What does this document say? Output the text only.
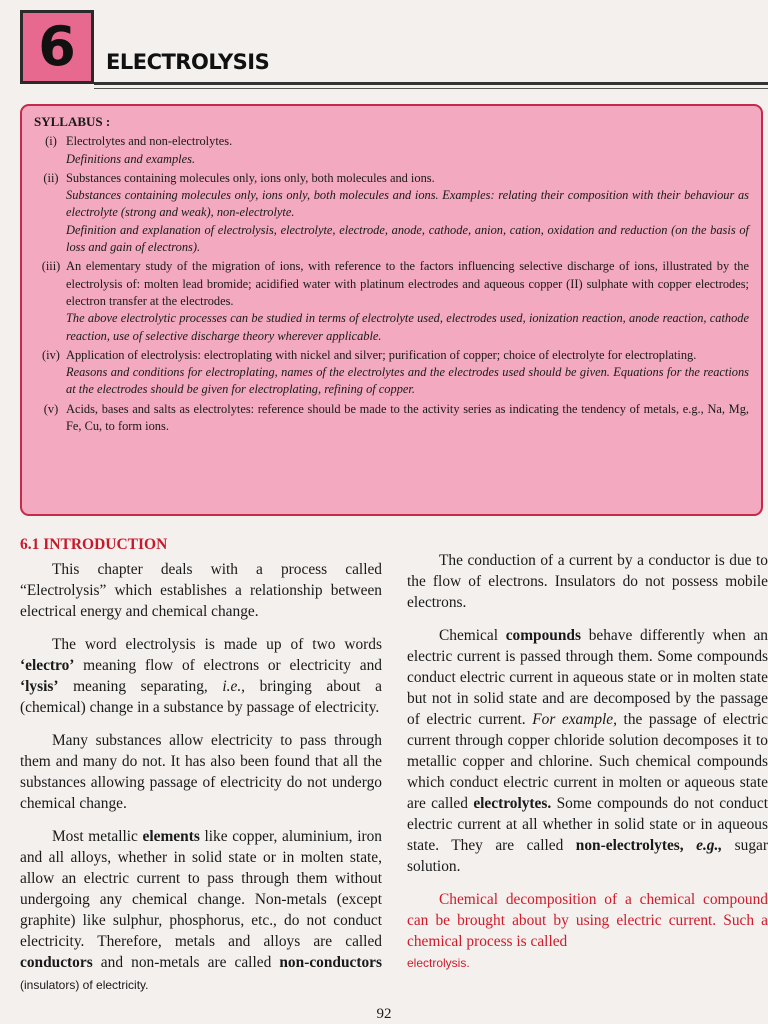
6 ELECTROLYSIS
SYLLABUS :
(i) Electrolytes and non-electrolytes.

Definitions and examples.

(ii) Substances containing molecules only, ions only, both molecules and ions.

Substances containing molecules only, ions only, both molecules and ions. Examples: relating their composition with their behaviour as electrolyte (strong and weak), non-electrolyte.

Definition and explanation of electrolysis, electrolyte, electrode, anode, cathode, anion, cation, oxidation and reduction (on the basis of loss and gain of electrons).

(iii) An elementary study of the migration of ions, with reference to the factors influencing selective discharge of ions, illustrated by the electrolysis of: molten lead bromide; acidified water with platinum electrodes and aqueous copper (II) sulphate with copper electrodes; electron transfer at the electrodes.

The above electrolytic processes can be studied in terms of electrolyte used, electrodes used, ionization reaction, anode reaction, cathode reaction, use of selective discharge theory wherever applicable.

(iv) Application of electrolysis: electroplating with nickel and silver; purification of copper; choice of electrolyte for electroplating.

Reasons and conditions for electroplating, names of the electrolytes and the electrodes used should be given. Equations for the reactions at the electrodes should be given for electroplating, refining of copper.

(v) Acids, bases and salts as electrolytes: reference should be made to the activity series as indicating the tendency of metals, e.g., Na, Mg, Fe, Cu, to form ions.

6.1 INTRODUCTION

This chapter deals with a process called “Electrolysis” which establishes a relationship between electrical energy and chemical change.

The word electrolysis is made up of two words ‘electro’ meaning flow of electrons or electricity and ‘lysis’ meaning separating, i.e., bringing about a (chemical) change in a substance by passage of electricity.

Many substances allow electricity to pass through them and many do not. It has also been found that all the substances allowing passage of electricity do not undergo chemical change.

Most metallic elements like copper, aluminium, iron and all alloys, whether in solid state or in molten state, allow an electric current to pass through them without undergoing any chemical change. Non-metals (except graphite) like sulphur, phosphorus, etc., do not conduct electricity. Therefore, metals and alloys are called conductors and non-metals are called non-conductors (insulators) of electricity.

The conduction of a current by a conductor is due to the flow of electrons. Insulators do not possess mobile electrons.

Chemical compounds behave differently when an electric current is passed through them. Some compounds conduct electric current in aqueous state or in molten state but not in solid state and are decomposed by the passage of electric current. For example, the passage of electric current through copper chloride solution decomposes it to metallic copper and chlorine. Such chemical compounds which conduct electric current in molten or aqueous state are called electrolytes. Some compounds do not conduct electric current at all whether in solid state or in aqueous state. They are called non-electrolytes, e.g., sugar solution.

Chemical decomposition of a chemical compound can be brought about by using electric current. Such a chemical process is called
electrolysis.

92
